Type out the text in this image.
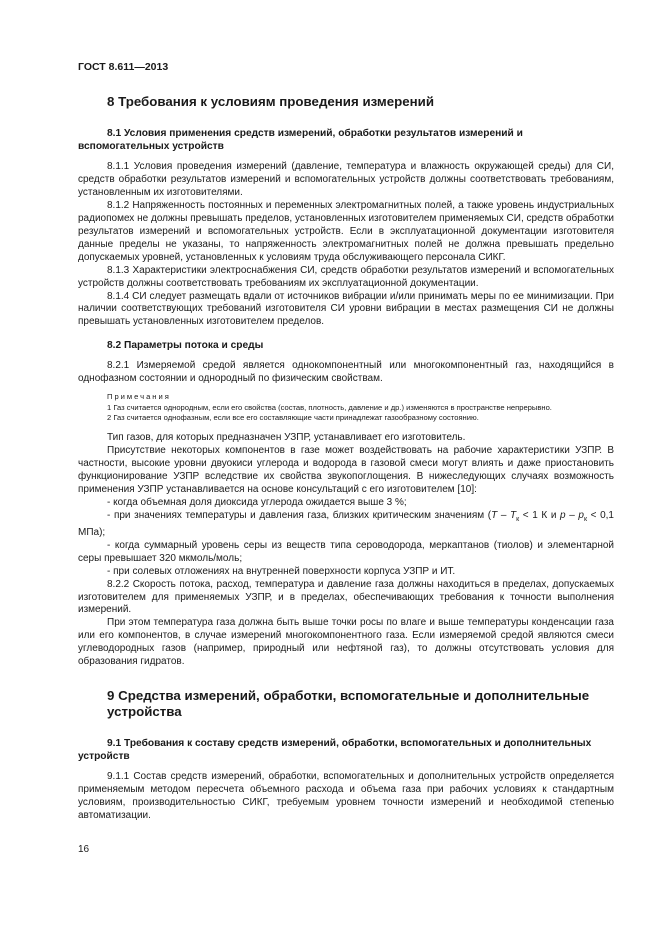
ГОСТ 8.611—2013
8 Требования к условиям проведения измерений
8.1 Условия применения средств измерений, обработки результатов измерений и вспомогательных устройств

8.1.1 Условия проведения измерений (давление, температура и влажность окружающей среды) для СИ, средств обработки результатов измерений и вспомогательных устройств должны соответствовать требованиям, установленным их изготовителями.

8.1.2 Напряженность постоянных и переменных электромагнитных полей, а также уровень индустриальных радиопомех не должны превышать пределов, установленных изготовителем применяемых СИ, средств обработки результатов измерений и вспомогательных устройств. Если в эксплуатационной документации изготовителя данные пределы не указаны, то напряженность электромагнитных полей не должна превышать предельно допускаемых уровней, установленных к условиям труда обслуживающего персонала СИКГ.

8.1.3 Характеристики электроснабжения СИ, средств обработки результатов измерений и вспомогательных устройств должны соответствовать требованиям их эксплуатационной документации.

8.1.4 СИ следует размещать вдали от источников вибрации и/или принимать меры по ее минимизации. При наличии соответствующих требований изготовителя СИ уровни вибрации в местах размещения СИ не должны превышать установленных изготовителем пределов.

8.2 Параметры потока и среды

8.2.1 Измеряемой средой является однокомпонентный или многокомпонентный газ, находящийся в однофазном состоянии и однородный по физическим свойствам.

Примечания

1 Газ считается однородным, если его свойства (состав, плотность, давление и др.) изменяются в пространстве непрерывно.

2 Газ считается однофазным, если все его составляющие части принадлежат газообразному состоянию.

Тип газов, для которых предназначен УЗПР, устанавливает его изготовитель.

Присутствие некоторых компонентов в газе может воздействовать на рабочие характеристики УЗПР. В частности, высокие уровни двуокиси углерода и водорода в газовой смеси могут влиять и даже приостановить функционирование УЗПР вследствие их свойства звукопоглощения. В нижеследующих случаях возможность применения УЗПР устанавливается на основе консультаций с его изготовителем [10]:

- когда объемная доля диоксида углерода ожидается выше 3 %;

- при значениях температуры и давления газа, близких критическим значениям ($T - T_к < 1$ К и $p - p_к < 0,1$ МПа);

- когда суммарный уровень серы из веществ типа сероводорода, меркаптанов (тиолов) и элементарной серы превышает 320 мкмоль/моль;

- при солевых отложениях на внутренней поверхности корпуса УЗПР и ИТ.

8.2.2 Скорость потока, расход, температура и давление газа должны находиться в пределах, допускаемых изготовителем для применяемых УЗПР, и в пределах, обеспечивающих требования к точности выполнения измерений.

При этом температура газа должна быть выше точки росы по влаге и выше температуры конденсации газа или его компонентов, в случае измерений многокомпонентного газа. Если измеряемой средой являются смеси углеводородных газов (например, природный или нефтяной газ), то должны отсутствовать условия для образования гидратов.

9 Средства измерений, обработки, вспомогательные и дополнительные устройства
9.1 Требования к составу средств измерений, обработки, вспомогательных и дополнительных устройств

9.1.1 Состав средств измерений, обработки, вспомогательных и дополнительных устройств определяется применяемым методом пересчета объемного расхода и объема газа при рабочих условиях к стандартным условиям, производительностью СИКГ, требуемым уровнем точности измерений и необходимой степенью автоматизации.

16
